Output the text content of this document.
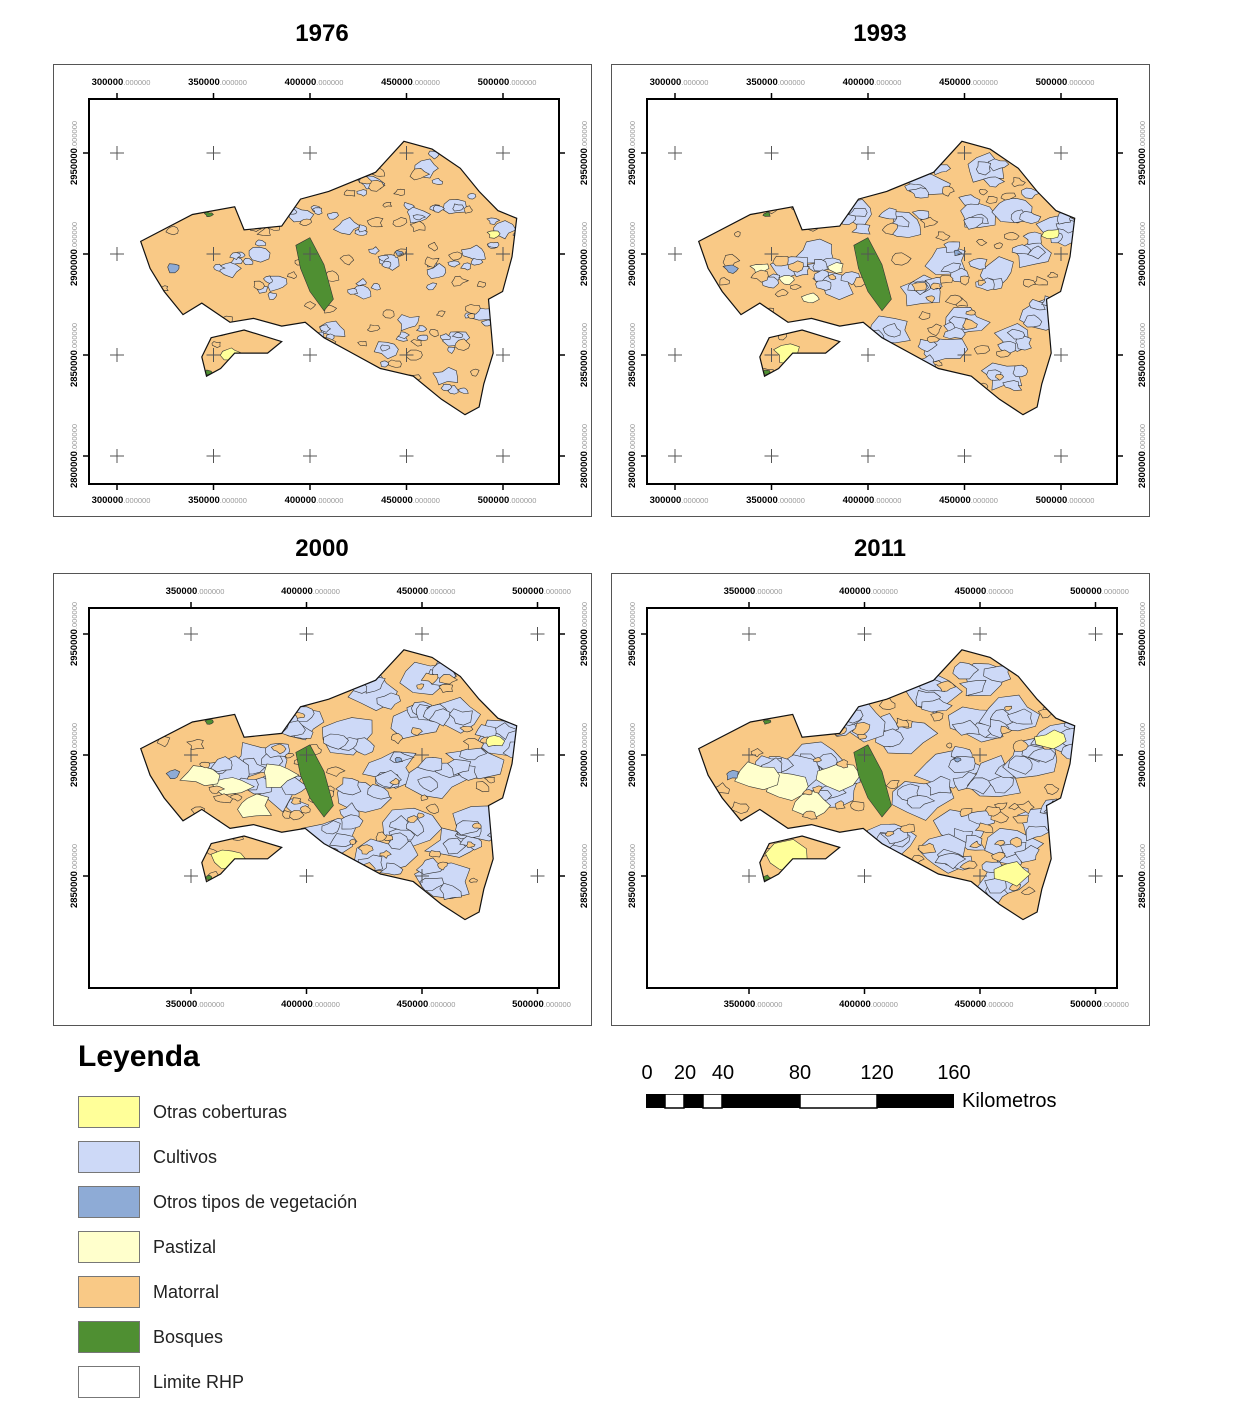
1976	1993
2000	2011
300000.000000
300000.000000
350000.000000
350000.000000
400000.000000
400000.000000
450000.000000
450000.000000
500000.000000
500000.000000
2950000.000000
2950000.000000
2900000.000000
2900000.000000
2850000.000000
2850000.000000
2800000.000000
2800000.000000
300000.000000
300000.000000
350000.000000
350000.000000
400000.000000
400000.000000
450000.000000
450000.000000
500000.000000
500000.000000
2950000.000000
2950000.000000
2900000.000000
2900000.000000
2850000.000000
2850000.000000
2800000.000000
2800000.000000
350000.000000
350000.000000
400000.000000
400000.000000
450000.000000
450000.000000
500000.000000
500000.000000
2950000.000000
2950000.000000
2900000.000000
2900000.000000
2850000.000000
2850000.000000
350000.000000
350000.000000
400000.000000
400000.000000
450000.000000
450000.000000
500000.000000
500000.000000
2950000.000000
2950000.000000
2900000.000000
2900000.000000
2850000.000000
2850000.000000
Leyenda
Otras coberturas
Cultivos
Otros tipos de vegetación
Pastizal
Matorral
Bosques
Limite RHP
0 20 40	80 120 160
Kilometros
